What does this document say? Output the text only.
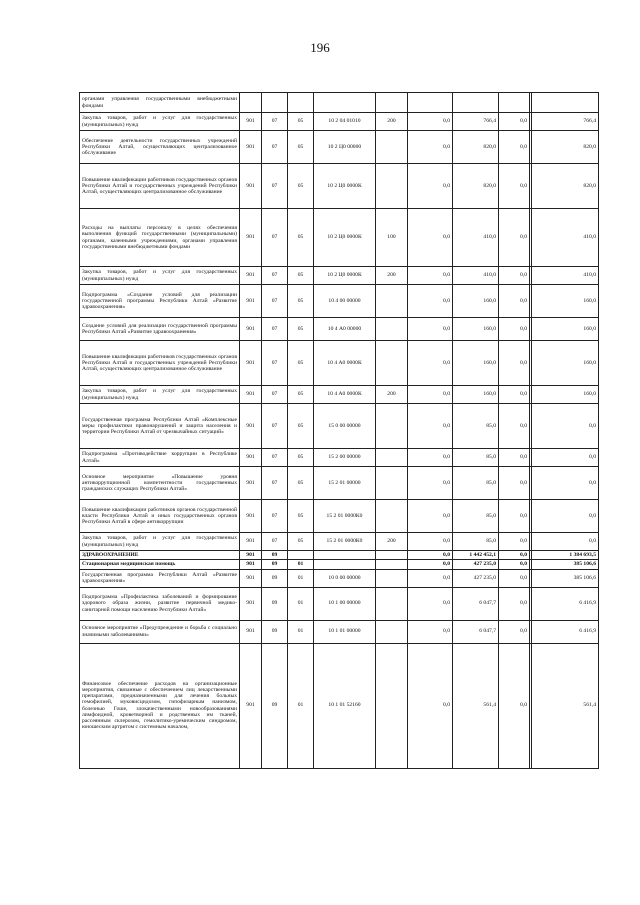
196
органами управления государственными внебюджетными фондами										
Закупка товаров, работ и услуг для государственных (муниципальных) нужд	901	07	05	10 2 04 01010	200	0,0	766,4	0,0		766,4
Обеспечение деятельности государственных учреждений Республики Алтай, осуществляющих централизованное обслуживание	901	07	05	10 2 Ц0 00000		0,0	820,0	0,0		820,0
Повышение квалификации работников государственных органов Республики Алтай и государственных учреждений Республики Алтай, осуществляющих централизованное обслуживание	901	07	05	10 2 Ц0 0000К		0,0	820,0	0,0		820,0
Расходы на выплаты персоналу в целях обеспечения выполнения функций государственными (муниципальными) органами, казенными учреждениями, органами управления государственными внебюджетными фондами	901	07	05	10 2 Ц0 0000К	100	0,0	410,0	0,0		410,0
Закупка товаров, работ и услуг для государственных (муниципальных) нужд	901	07	05	10 2 Ц0 0000К	200	0,0	410,0	0,0		410,0
Подпрограмма «Создание условий для реализации государственной программы Республики Алтай «Развитие здравоохранения»	901	07	05	10 4 00 00000		0,0	160,0	0,0		160,0
Создание условий для реализации государственной программы Республики Алтай «Развитие здравоохранения»	901	07	05	10 4 А0 00000		0,0	160,0	0,0		160,0
Повышение квалификации работников государственных органов Республики Алтай и государственных учреждений Республики Алтай, осуществляющих централизованное обслуживание	901	07	05	10 4 А0 0000К		0,0	160,0	0,0		160,0
Закупка товаров, работ и услуг для государственных (муниципальных) нужд	901	07	05	10 4 А0 0000К	200	0,0	160,0	0,0		160,0
Государственная программа Республики Алтай «Комплексные меры профилактики правонарушений и защита населения и территории Республики Алтай от чрезвычайных ситуаций»	901	07	05	15 0 00 00000		0,0	85,0	0,0		0,0
Подпрограмма «Противодействие коррупции в Республике Алтай»	901	07	05	15 2 00 00000		0,0	85,0	0,0		0,0
Основное мероприятие «Повышение уровня антикоррупционной компетентности государственных гражданских служащих Республики Алтай»	901	07	05	15 2 01 00000		0,0	85,0	0,0		0,0
Повышение квалификации работников органов государственной власти Республики Алтай и иных государственных органов Республики Алтай в сфере антикоррупции	901	07	05	15 2 01 0000К0		0,0	85,0	0,0		0,0
Закупка товаров, работ и услуг для государственных (муниципальных) нужд	901	07	05	15 2 01 0000К0	200	0,0	85,0	0,0		0,0
ЗДРАВООХРАНЕНИЕ	901	09				0,0	1 442 452,1	0,0		1 384 693,5
Стационарная медицинская помощь	901	09	01			0,0	427 235,0	0,0		385 106,6
Государственная программа Республики Алтай «Развитие здравоохранения»	901	09	01	10 0 00 00000		0,0	427 235,0	0,0		385 106,6
Подпрограмма «Профилактика заболеваний и формирование здорового образа жизни, развитие первичной медико-санитарной помощи населению Республики Алтай»	901	09	01	10 1 00 00000		0,0	6 047,7	0,0		6 416,9
Основное мероприятие «Предупреждение и борьба с социально значимыми заболеваниями»	901	09	01	10 1 01 00000		0,0	6 047,7	0,0		6 416,9
Финансовое обеспечение расходов на организационные мероприятия, связанные с обеспечением лиц лекарственными препаратами, предназначенными для лечения больных гемофилией, муковисцидозом, гипофизарным нанизмом, болезнью Гоше, злокачественными новообразованиями лимфоидной, кроветворной и родственных им тканей, рассеянным склерозом, гемолитико-уремическим синдромом, юношеским артритом с системным началом,	901	09	01	10 1 01 52160		0,0	561,4	0,0		561,4
